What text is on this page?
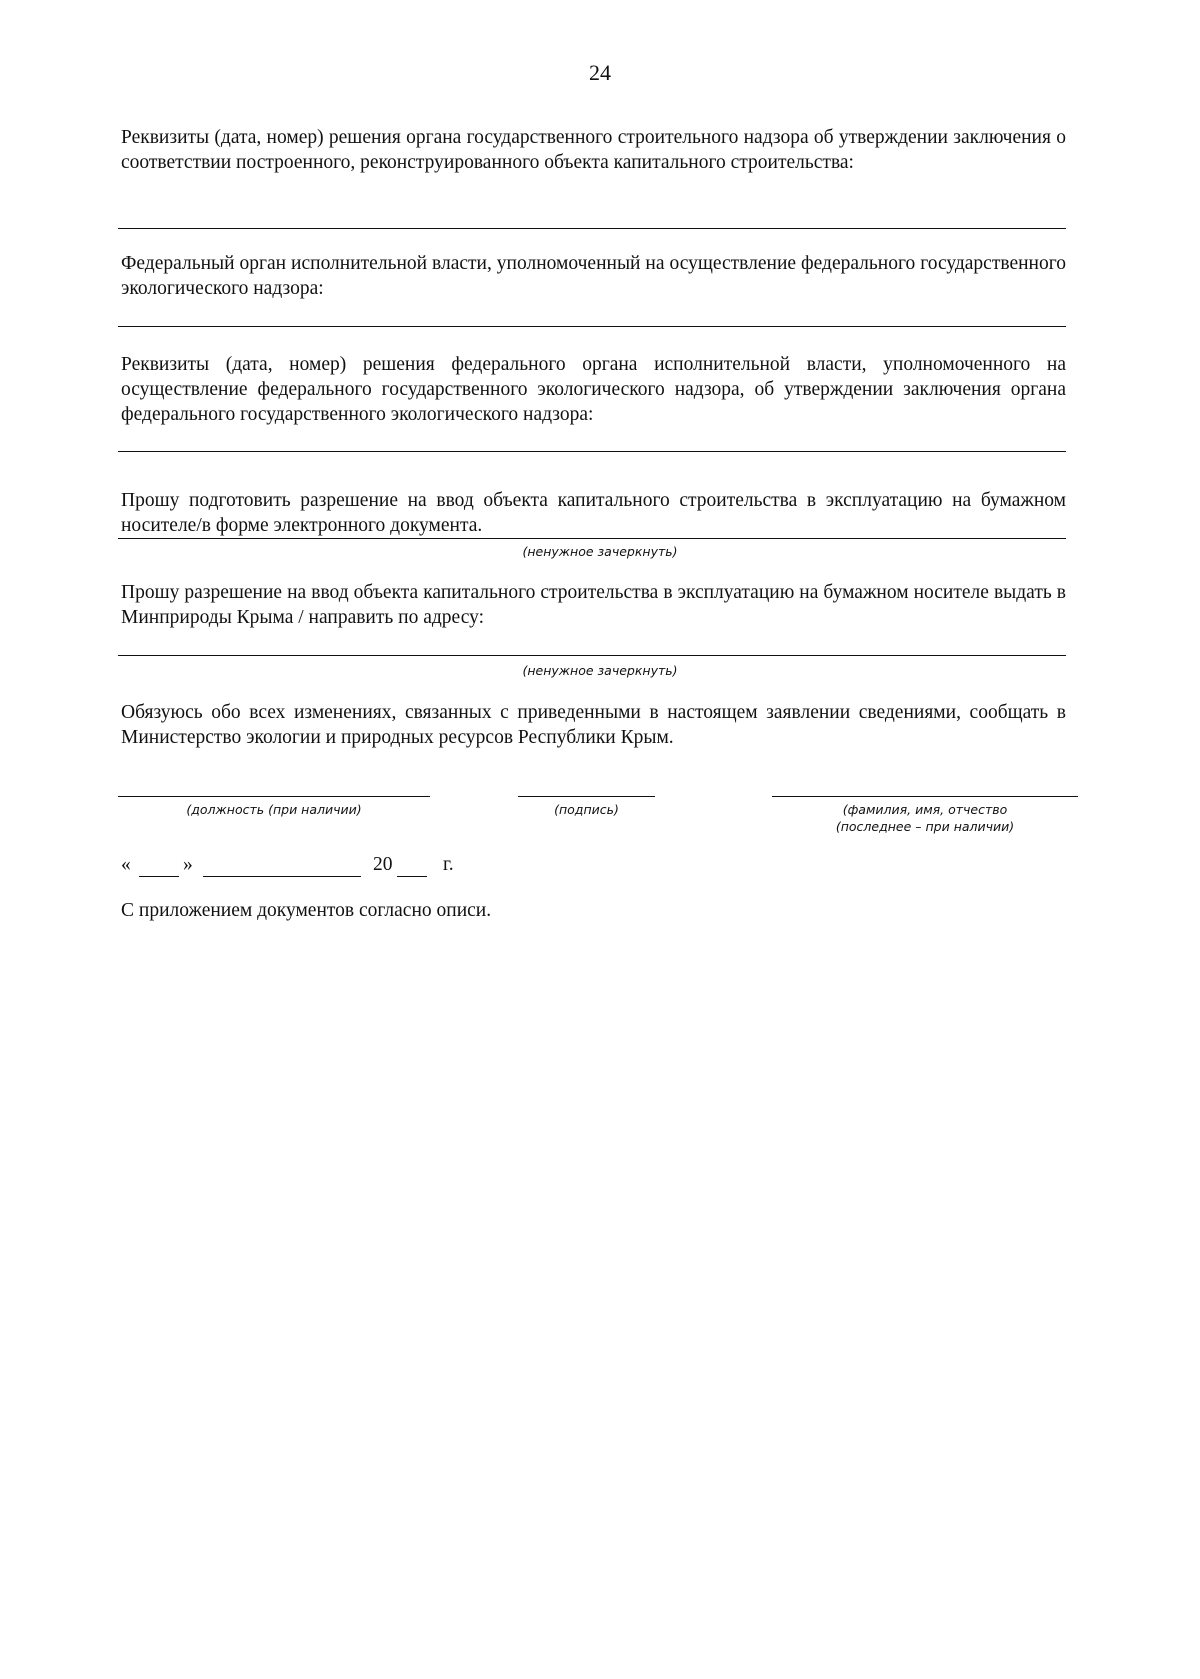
24
Реквизиты (дата, номер) решения органа государственного строительного надзора об утверждении заключения о соответствии построенного, реконструированного объекта капитального строительства:
Федеральный орган исполнительной власти, уполномоченный на осуществление федерального государственного экологического надзора:
Реквизиты (дата, номер) решения федерального органа исполнительной власти, уполномоченного на осуществление федерального государственного экологического надзора, об утверждении заключения органа федерального государственного экологического надзора:
Прошу подготовить разрешение на ввод объекта капитального строительства в эксплуатацию на бумажном носителе/в форме электронного документа.
(ненужное зачеркнуть)
Прошу разрешение на ввод объекта капитального строительства в эксплуатацию на бумажном носителе выдать в Минприроды Крыма / направить по адресу:
(ненужное зачеркнуть)
Обязуюсь обо всех изменениях, связанных с приведенными в настоящем заявлении сведениями, сообщать в Министерство экологии и природных ресурсов Республики Крым.
(должность (при наличии)	(подпись)	(фамилия, имя, отчество
(последнее – при наличии)
«	»	20	г.
С приложением документов согласно описи.
